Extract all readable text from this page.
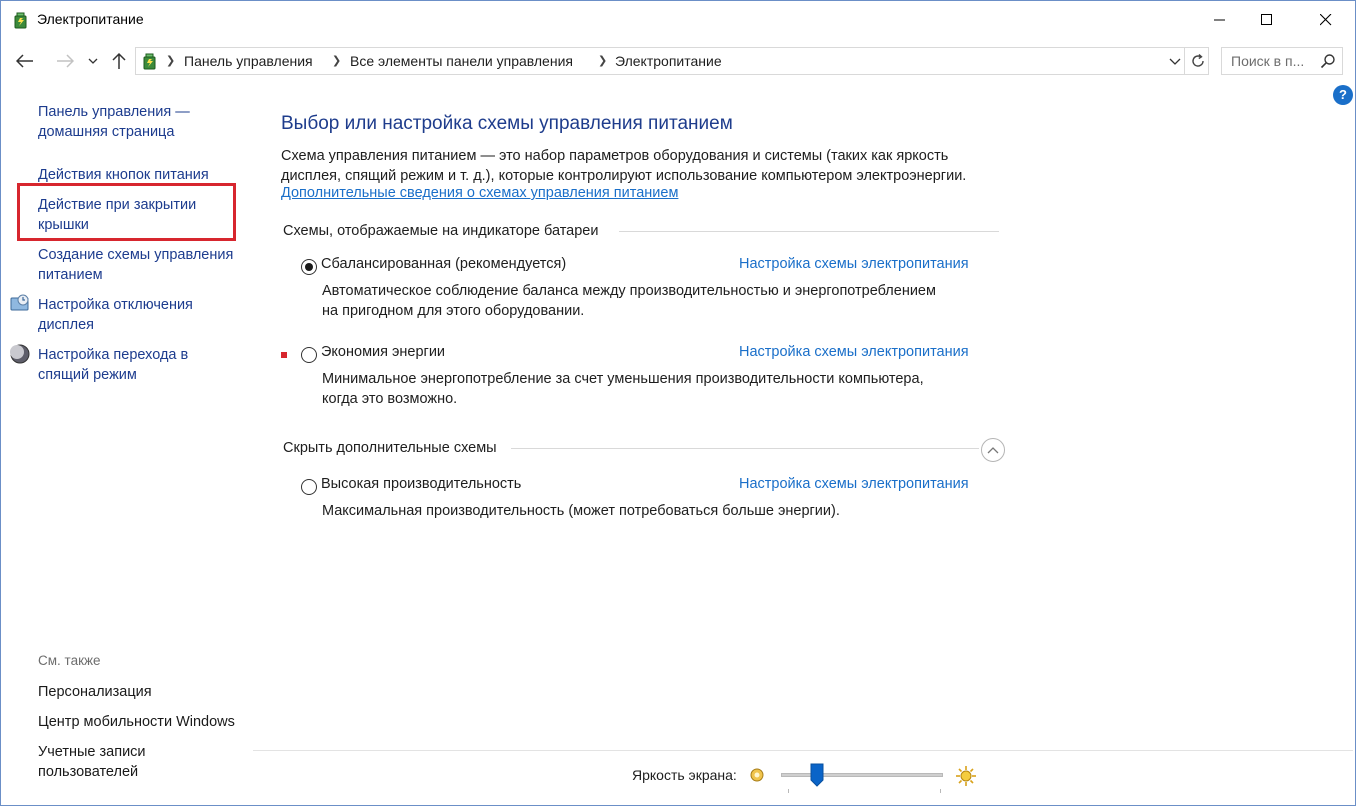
Электропитание
❯ Панель управления ❯ Все элементы панели управления ❯ Электропитание	Поиск в п...
?
Панель управления —
домашняя страница
Действия кнопок питания
Действие при закрытии
крышки
Создание схемы управления
питанием
Настройка отключения
дисплея
Настройка перехода в
спящий режим
См. также
Персонализация
Центр мобильности Windows
Учетные записи
пользователей
Выбор или настройка схемы управления питанием
Схема управления питанием — это набор параметров оборудования и системы (таких как яркость
дисплея, спящий режим и т. д.), которые контролируют использование компьютером электроэнергии.
Дополнительные сведения о схемах управления питанием
Схемы, отображаемые на индикаторе батареи
Сбалансированная (рекомендуется)	Настройка схемы электропитания
Автоматическое соблюдение баланса между производительностью и энергопотреблением
на пригодном для этого оборудовании.
Экономия энергии	Настройка схемы электропитания
Минимальное энергопотребление за счет уменьшения производительности компьютера,
когда это возможно.
Скрыть дополнительные схемы
Высокая производительность	Настройка схемы электропитания
Максимальная производительность (может потребоваться больше энергии).
Яркость экрана:
